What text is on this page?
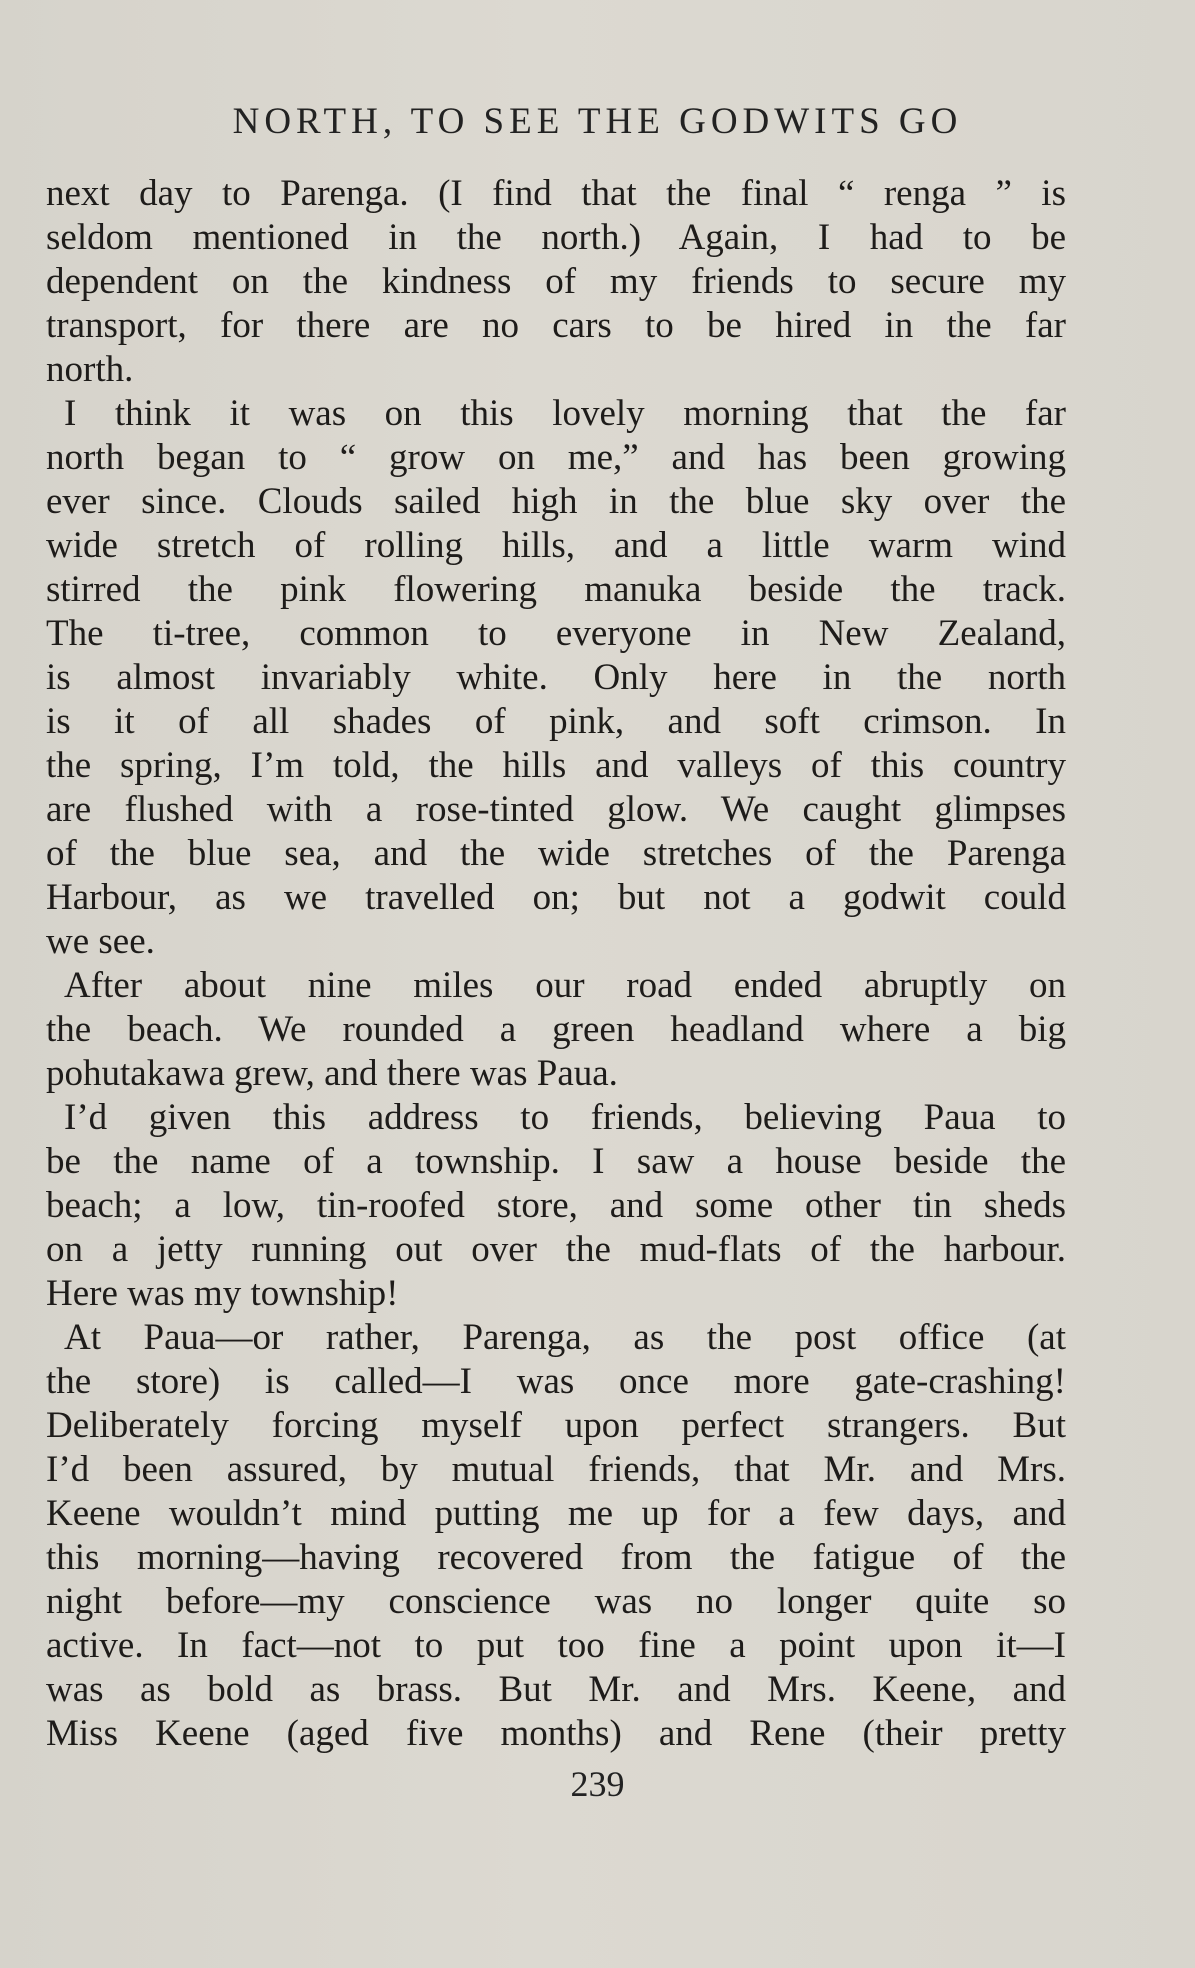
NORTH, TO SEE THE GODWITS GO
next day to Parenga. (I find that the final “ renga ” is
seldom mentioned in the north.) Again, I had to be
dependent on the kindness of my friends to secure my
transport, for there are no cars to be hired in the far
north.
I think it was on this lovely morning that the far
north began to “ grow on me,” and has been growing
ever since. Clouds sailed high in the blue sky over the
wide stretch of rolling hills, and a little warm wind
stirred the pink flowering manuka beside the track.
The ti-tree, common to everyone in New Zealand,
is almost invariably white. Only here in the north
is it of all shades of pink, and soft crimson. In
the spring, I’m told, the hills and valleys of this country
are flushed with a rose-tinted glow. We caught glimpses
of the blue sea, and the wide stretches of the Parenga
Harbour, as we travelled on; but not a godwit could
we see.
After about nine miles our road ended abruptly on
the beach. We rounded a green headland where a big
pohutakawa grew, and there was Paua.
I’d given this address to friends, believing Paua to
be the name of a township. I saw a house beside the
beach; a low, tin-roofed store, and some other tin sheds
on a jetty running out over the mud-flats of the harbour.
Here was my township!
At Paua—or rather, Parenga, as the post office (at
the store) is called—I was once more gate-crashing!
Deliberately forcing myself upon perfect strangers. But
I’d been assured, by mutual friends, that Mr. and Mrs.
Keene wouldn’t mind putting me up for a few days, and
this morning—having recovered from the fatigue of the
night before—my conscience was no longer quite so
active. In fact—not to put too fine a point upon it—I
was as bold as brass. But Mr. and Mrs. Keene, and
Miss Keene (aged five months) and Rene (their pretty
239
